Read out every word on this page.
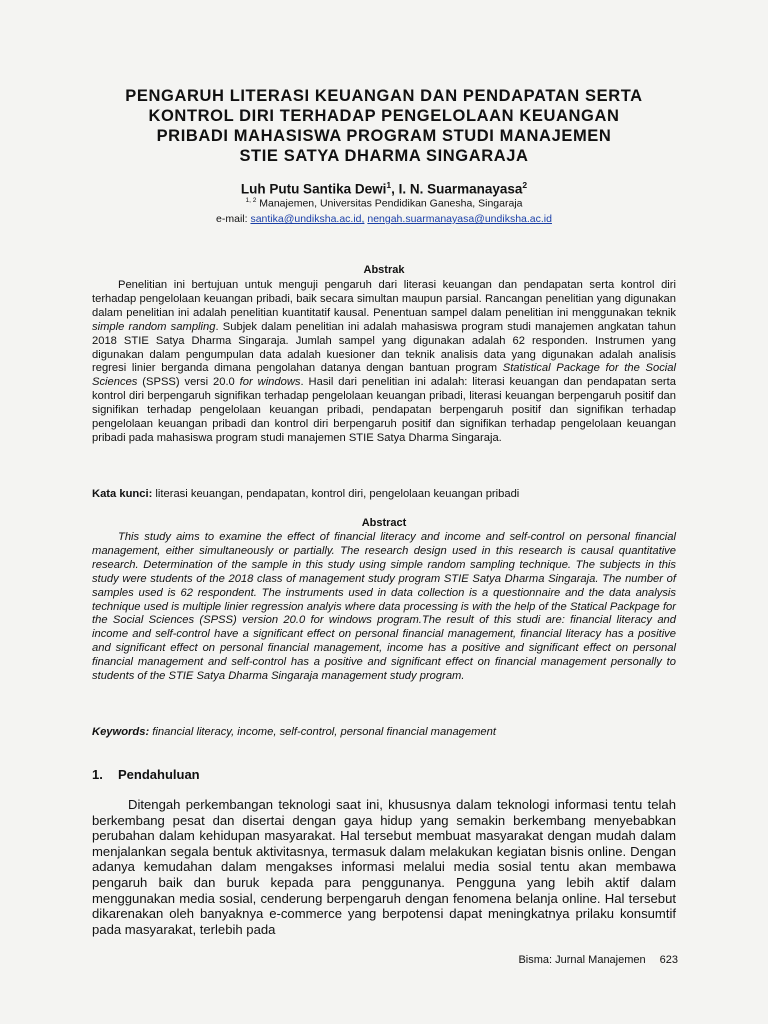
PENGARUH LITERASI KEUANGAN DAN PENDAPATAN SERTA
KONTROL DIRI TERHADAP PENGELOLAAN KEUANGAN
PRIBADI MAHASISWA PROGRAM STUDI MANAJEMEN
STIE SATYA DHARMA SINGARAJA
Luh Putu Santika Dewi$^1$, I. N. Suarmanayasa$^2$
$^{1, 2}$ Manajemen, Universitas Pendidikan Ganesha, Singaraja
e-mail: santika@undiksha.ac.id, nengah.suarmanayasa@undiksha.ac.id
Abstrak
Penelitian ini bertujuan untuk menguji pengaruh dari literasi keuangan dan pendapatan serta kontrol diri terhadap pengelolaan keuangan pribadi, baik secara simultan maupun parsial. Rancangan penelitian yang digunakan dalam penelitian ini adalah penelitian kuantitatif kausal. Penentuan sampel dalam penelitian ini menggunakan teknik simple random sampling. Subjek dalam penelitian ini adalah mahasiswa program studi manajemen angkatan tahun 2018 STIE Satya Dharma Singaraja. Jumlah sampel yang digunakan adalah 62 responden. Instrumen yang digunakan dalam pengumpulan data adalah kuesioner dan teknik analisis data yang digunakan adalah analisis regresi linier berganda dimana pengolahan datanya dengan bantuan program Statistical Package for the Social Sciences (SPSS) versi 20.0 for windows. Hasil dari penelitian ini adalah: literasi keuangan dan pendapatan serta kontrol diri berpengaruh signifikan terhadap pengelolaan keuangan pribadi, literasi keuangan berpengaruh positif dan signifikan terhadap pengelolaan keuangan pribadi, pendapatan berpengaruh positif dan signifikan terhadap pengelolaan keuangan pribadi dan kontrol diri berpengaruh positif dan signifikan terhadap pengelolaan keuangan pribadi pada mahasiswa program studi manajemen STIE Satya Dharma Singaraja.
Kata kunci: literasi keuangan, pendapatan, kontrol diri, pengelolaan keuangan pribadi
Abstract
This study aims to examine the effect of financial literacy and income and self-control on personal financial management, either simultaneously or partially. The research design used in this research is causal quantitative research. Determination of the sample in this study using simple random sampling technique. The subjects in this study were students of the 2018 class of management study program STIE Satya Dharma Singaraja. The number of samples used is 62 respondent. The instruments used in data collection is a questionnaire and the data analysis technique used is multiple linier regression analyis where data processing is with the help of the Statical Packpage for the Social Sciences (SPSS) version 20.0 for windows program.The result of this studi are: financial literacy and income and self-control have a significant effect on personal financial management, financial literacy has a positive and significant effect on personal financial management, income has a positive and significant effect on personal financial management and self-control has a positive and significant effect on financial management personally to students of the STIE Satya Dharma Singaraja management study program.
Keywords: financial literacy, income, self-control, personal financial management
1. Pendahuluan
Ditengah perkembangan teknologi saat ini, khususnya dalam teknologi informasi tentu telah berkembang pesat dan disertai dengan gaya hidup yang semakin berkembang menyebabkan perubahan dalam kehidupan masyarakat. Hal tersebut membuat masyarakat dengan mudah dalam menjalankan segala bentuk aktivitasnya, termasuk dalam melakukan kegiatan bisnis online. Dengan adanya kemudahan dalam mengakses informasi melalui media sosial tentu akan membawa pengaruh baik dan buruk kepada para penggunanya. Pengguna yang lebih aktif dalam menggunakan media sosial, cenderung berpengaruh dengan fenomena belanja online. Hal tersebut dikarenakan oleh banyaknya e-commerce yang berpotensi dapat meningkatnya prilaku konsumtif pada masyarakat, terlebih pada
Bisma: Jurnal Manajemen 623
